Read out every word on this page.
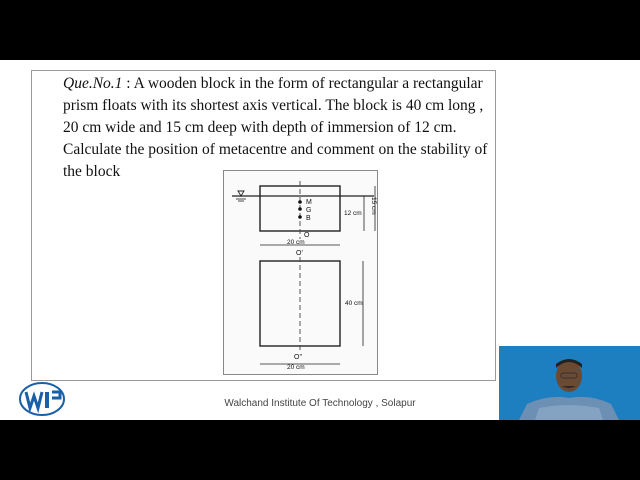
Que.No.1 : A wooden block in the form of rectangular a rectangular prism floats with its shortest axis vertical. The block is 40 cm long , 20 cm wide and 15 cm deep with depth of immersion of 12 cm. Calculate the position of metacentre and comment on the stability of the block
M
G
B
O
12 cm 15 cm
20 cm
O'
40 cm
O''
20 cm
Walchand Institute Of Technology , Solapur
